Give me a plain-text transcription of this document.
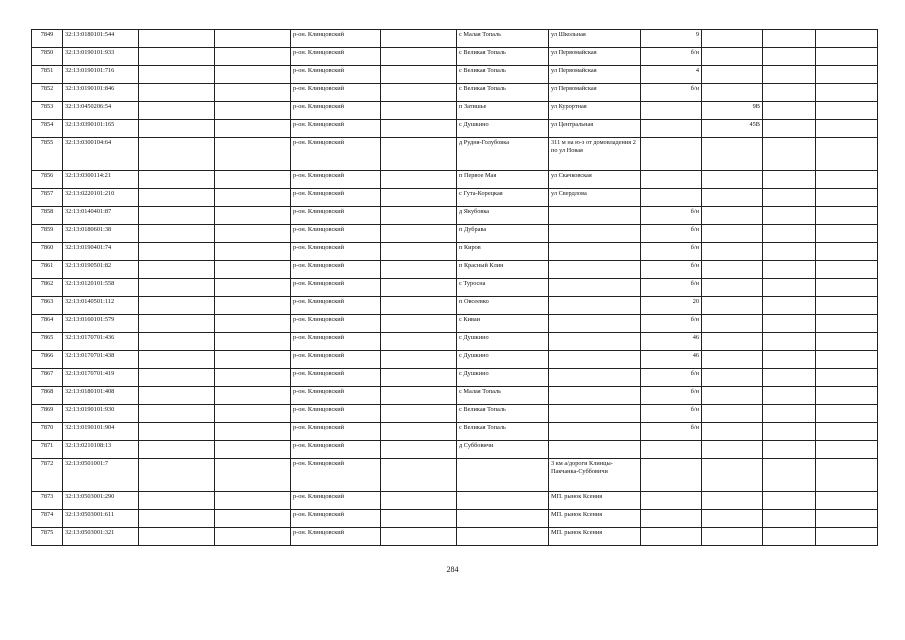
7849	32:13:0180101:544			р-он. Клинцовский		с Малая Топаль	ул Школьная	9			
7850	32:13:0190101:933			р-он. Клинцовский		с Великая Топаль	ул Первомайская	б/н			
7851	32:13:0190101:716			р-он. Клинцовский		с Великая Топаль	ул Первомайская	4			
7852	32:13:0190101:846			р-он. Клинцовский		с Великая Топаль	ул Первомайская	б/н			
7853	32:13:0450206:54			р-он. Клинцовский		п Затишье	ул Курортная		9В		
7854	32:13:0390101:165			р-он. Клинцовский		с Душкино	ул Центральная		45В		
7855	32:13:0300104:64			р-он. Клинцовский		д Рудня-Голубовка	311 м на ю-з от домовладения 2 по ул Новая				
7856	32:13:0300114:21			р-он. Клинцовский		п Первое Мая	ул Скачковская				
7857	32:13:0220101:210			р-он. Клинцовский		с Гута-Корецкая	ул Свердлова				
7858	32:13:0140401:87			р-он. Клинцовский		д Якубовка		б/н			
7859	32:13:0180601:38			р-он. Клинцовский		п Дубрава		б/н			
7860	32:13:0190401:74			р-он. Клинцовский		п Киров		б/н			
7861	32:13:0190501:82			р-он. Клинцовский		п Красный Клин		б/н			
7862	32:13:0120101:558			р-он. Клинцовский		с Туросна		б/н			
7863	32:13:0140501:112			р-он. Клинцовский		п Овсеевко		20			
7864	32:13:0160101:579			р-он. Клинцовский		с Киваи		б/н			
7865	32:13:0170701:436			р-он. Клинцовский		с Душкино		46			
7866	32:13:0170701:438			р-он. Клинцовский		с Душкино		46			
7867	32:13:0170701:419			р-он. Клинцовский		с Душкино		б/н			
7868	32:13:0180101:408			р-он. Клинцовский		с Малая Топаль		б/н			
7869	32:13:0190101:930			р-он. Клинцовский		с Великая Топаль		б/н			
7870	32:13:0190101:904			р-он. Клинцовский		с Великая Топаль		б/н			
7871	32:13:0210108:13			р-он. Клинцовский		д Суббовичи					
7872	32:13:0501001:7			р-он. Клинцовский			3 км а/дороги Клинцы-Пакчанка-Суббовичи				
7873	32:13:0503001:290			р-он. Клинцовский			МП. рынок Ксения				
7874	32:13:0503001:611			р-он. Клинцовский			МП. рынок Ксения				
7875	32:13:0503001:321			р-он. Клинцовский			МП. рынок Ксения				
284
